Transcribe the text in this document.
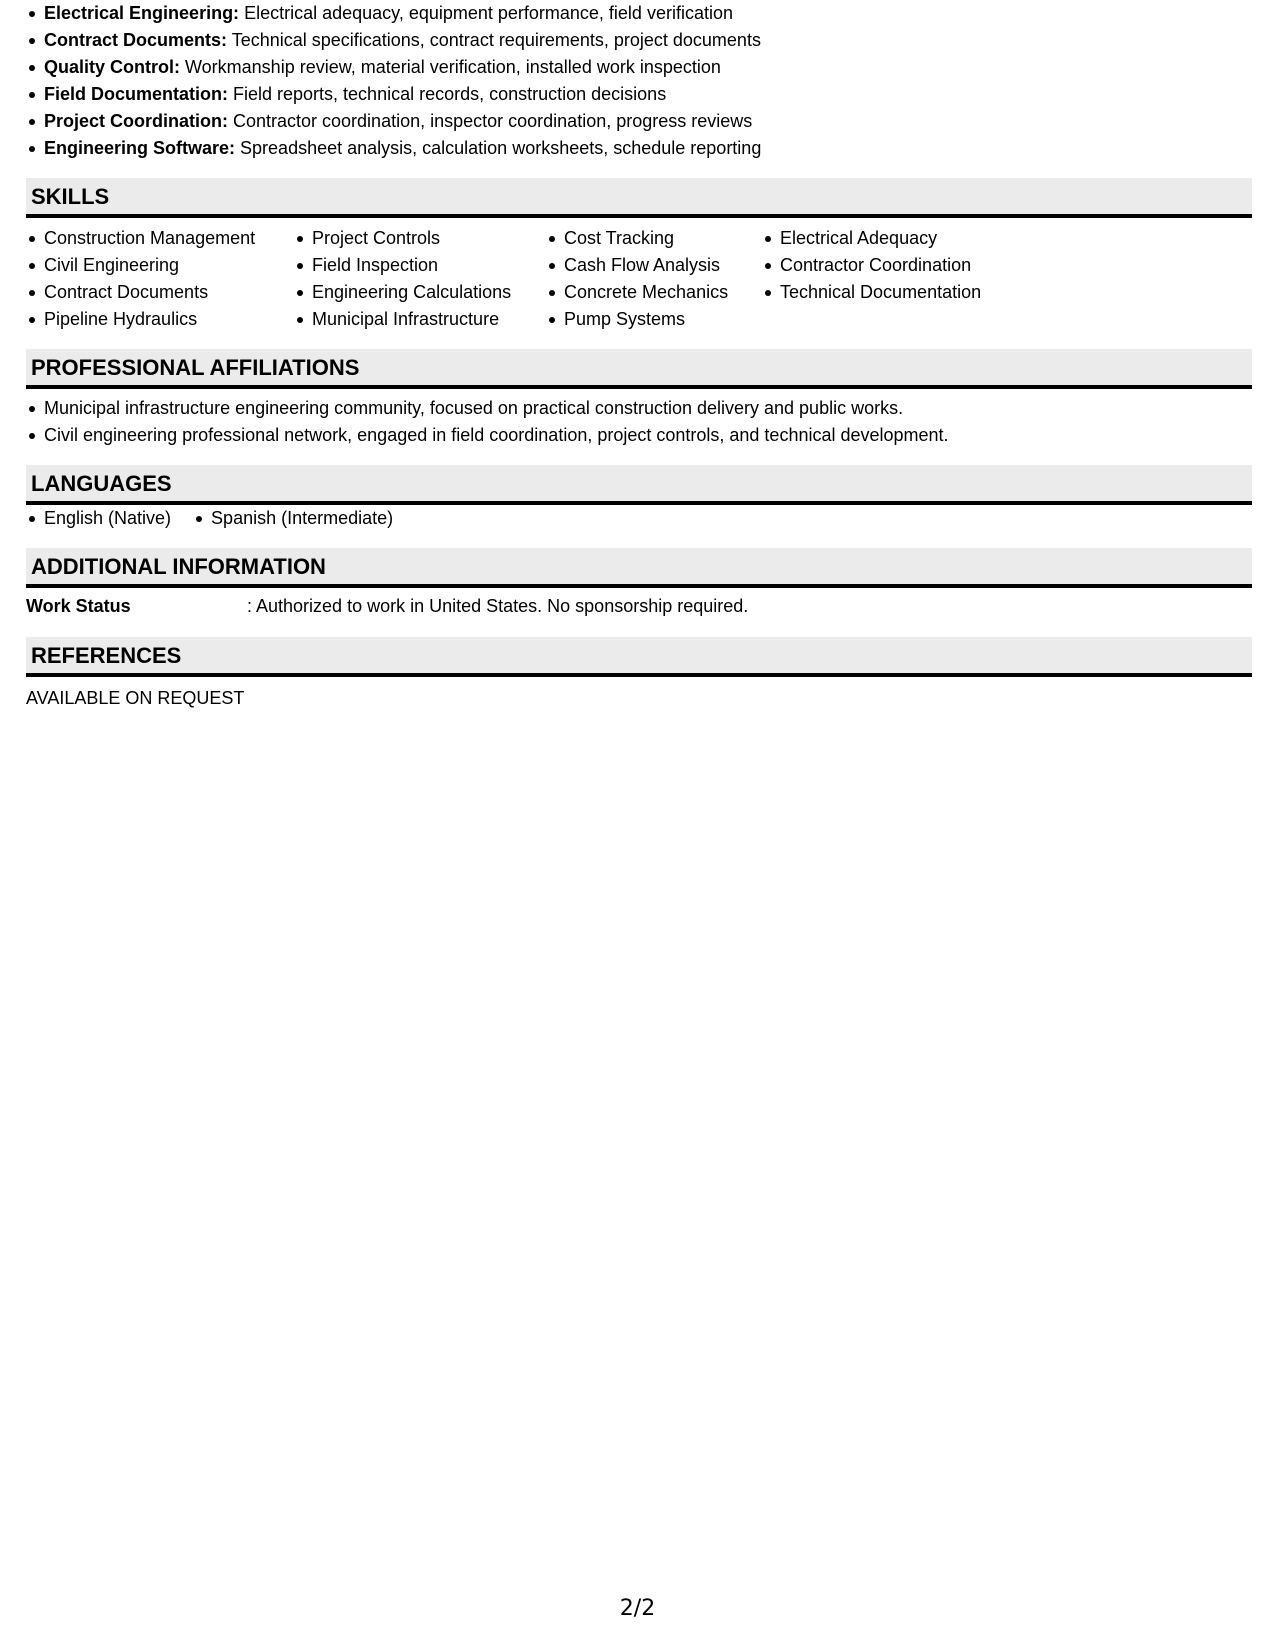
Electrical Engineering: Electrical adequacy, equipment performance, field verification
Contract Documents: Technical specifications, contract requirements, project documents
Quality Control: Workmanship review, material verification, installed work inspection
Field Documentation: Field reports, technical records, construction decisions
Project Coordination: Contractor coordination, inspector coordination, progress reviews
Engineering Software: Spreadsheet analysis, calculation worksheets, schedule reporting
SKILLS
Construction Management
Civil Engineering
Contract Documents
Pipeline Hydraulics
Project Controls
Field Inspection
Engineering Calculations
Municipal Infrastructure
Cost Tracking
Cash Flow Analysis
Concrete Mechanics
Pump Systems
Electrical Adequacy
Contractor Coordination
Technical Documentation
PROFESSIONAL AFFILIATIONS
Municipal infrastructure engineering community, focused on practical construction delivery and public works.
Civil engineering professional network, engaged in field coordination, project controls, and technical development.
LANGUAGES
English (Native)	Spanish (Intermediate)
ADDITIONAL INFORMATION
Work Status	: Authorized to work in United States. No sponsorship required.
REFERENCES
AVAILABLE ON REQUEST
2/2
